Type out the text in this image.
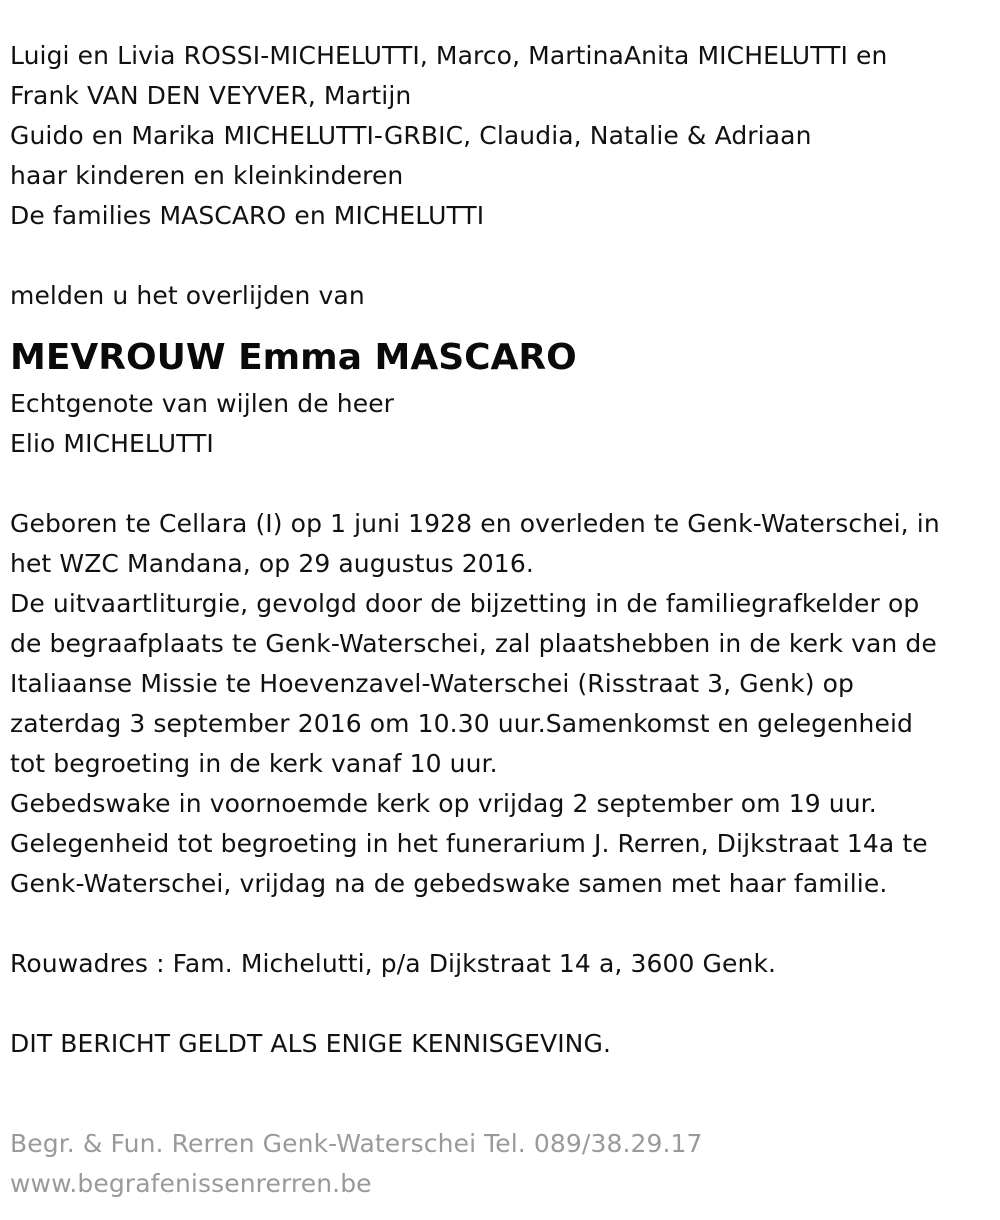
Luigi en Livia ROSSI-MICHELUTTI, Marco, MartinaAnita MICHELUTTI en
Frank VAN DEN VEYVER, Martijn
Guido en Marika MICHELUTTI-GRBIC, Claudia, Natalie & Adriaan
haar kinderen en kleinkinderen
De families MASCARO en MICHELUTTI
melden u het overlijden van
MEVROUW Emma MASCARO
Echtgenote van wijlen de heer
Elio MICHELUTTI
Geboren te Cellara (I) op 1 juni 1928 en overleden te Genk-Waterschei, in
het WZC Mandana, op 29 augustus 2016.
De uitvaartliturgie, gevolgd door de bijzetting in de familiegrafkelder op
de begraafplaats te Genk-Waterschei, zal plaatshebben in de kerk van de
Italiaanse Missie te Hoevenzavel-Waterschei (Risstraat 3, Genk) op
zaterdag 3 september 2016 om 10.30 uur.Samenkomst en gelegenheid
tot begroeting in de kerk vanaf 10 uur.
Gebedswake in voornoemde kerk op vrijdag 2 september om 19 uur.
Gelegenheid tot begroeting in het funerarium J. Rerren, Dijkstraat 14a te
Genk-Waterschei, vrijdag na de gebedswake samen met haar familie.
Rouwadres : Fam. Michelutti, p/a Dijkstraat 14 a, 3600 Genk.
DIT BERICHT GELDT ALS ENIGE KENNISGEVING.
Begr. & Fun. Rerren Genk-Waterschei Tel. 089/38.29.17
www.begrafenissenrerren.be
